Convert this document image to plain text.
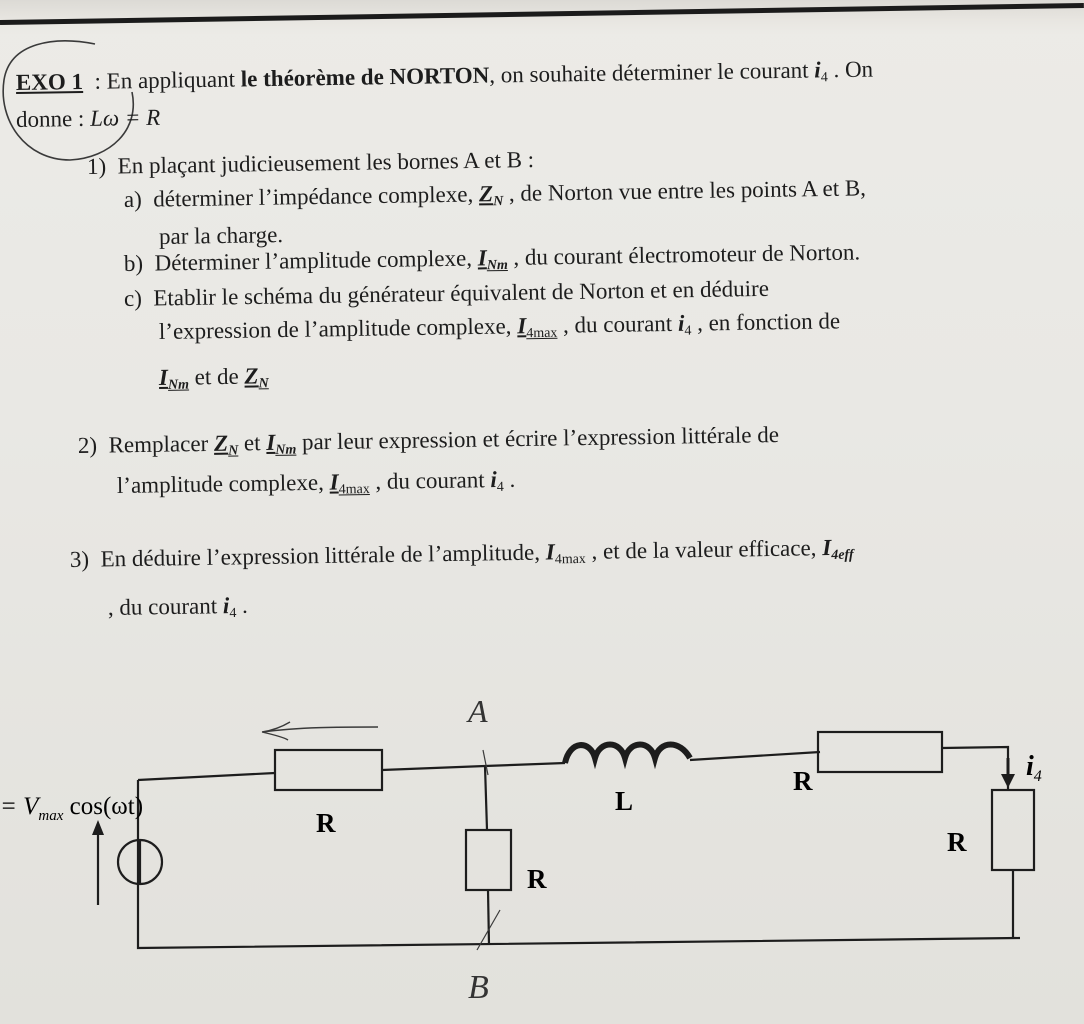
EXO 1  : En appliquant le théorème de NORTON, on souhaite déterminer le courant $i_4$ . On
donne : Lω = R
1) En plaçant judicieusement les bornes A et B :
a) déterminer l’impédance complexe, ZN , de Norton vue entre les points A et B,
par la charge.
b) Déterminer l’amplitude complexe, INm , du courant électromoteur de Norton.
c) Etablir le schéma du générateur équivalent de Norton et en déduire
l’expression de l’amplitude complexe, $I_{4max}$ , du courant $i_4$ , en fonction de
INm et de ZN
2) Remplacer ZN et INm par leur expression et écrire l’expression littérale de
l’amplitude complexe, $I_{4max}$ , du courant $i_4$ .
3) En déduire l’expression littérale de l’amplitude, $I_{4max}$ , et de la valeur efficace, I4eff
, du courant $i_4$ .
= $V_{max}$ cos(ωt)
R
R
R
R
L
$i_4$
A
B
